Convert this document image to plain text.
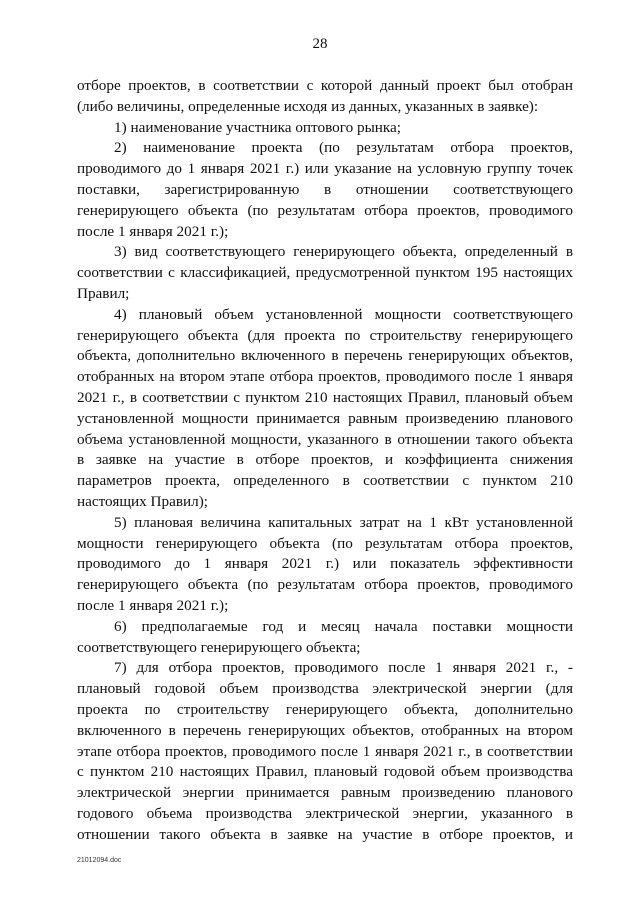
28

отборе проектов, в соответствии с которой данный проект был отобран

(либо величины, определенные исходя из данных, указанных в заявке):

1) наименование участника оптового рынка;

2) наименование проекта (по результатам отбора проектов,

проводимого до 1 января 2021 г.) или указание на условную группу точек

поставки, зарегистрированную в отношении соответствующего

генерирующего объекта (по результатам отбора проектов, проводимого

после 1 января 2021 г.);

3) вид соответствующего генерирующего объекта, определенный в

соответствии с классификацией, предусмотренной пунктом 195 настоящих

Правил;

4) плановый объем установленной мощности соответствующего

генерирующего объекта (для проекта по строительству генерирующего

объекта, дополнительно включенного в перечень генерирующих объектов,

отобранных на втором этапе отбора проектов, проводимого после 1 января

2021 г., в соответствии с пунктом 210 настоящих Правил, плановый объем

установленной мощности принимается равным произведению планового

объема установленной мощности, указанного в отношении такого объекта

в заявке на участие в отборе проектов, и коэффициента снижения

параметров проекта, определенного в соответствии с пунктом 210

настоящих Правил);

5) плановая величина капитальных затрат на 1 кВт установленной

мощности генерирующего объекта (по результатам отбора проектов,

проводимого до 1 января 2021 г.) или показатель эффективности

генерирующего объекта (по результатам отбора проектов, проводимого

после 1 января 2021 г.);

6) предполагаемые год и месяц начала поставки мощности

соответствующего генерирующего объекта;

7) для отбора проектов, проводимого после 1 января 2021 г., -

плановый годовой объем производства электрической энергии (для

проекта по строительству генерирующего объекта, дополнительно

включенного в перечень генерирующих объектов, отобранных на втором

этапе отбора проектов, проводимого после 1 января 2021 г., в соответствии

с пунктом 210 настоящих Правил, плановый годовой объем производства

электрической энергии принимается равным произведению планового

годового объема производства электрической энергии, указанного в

отношении такого объекта в заявке на участие в отборе проектов, и

21012094.doc
